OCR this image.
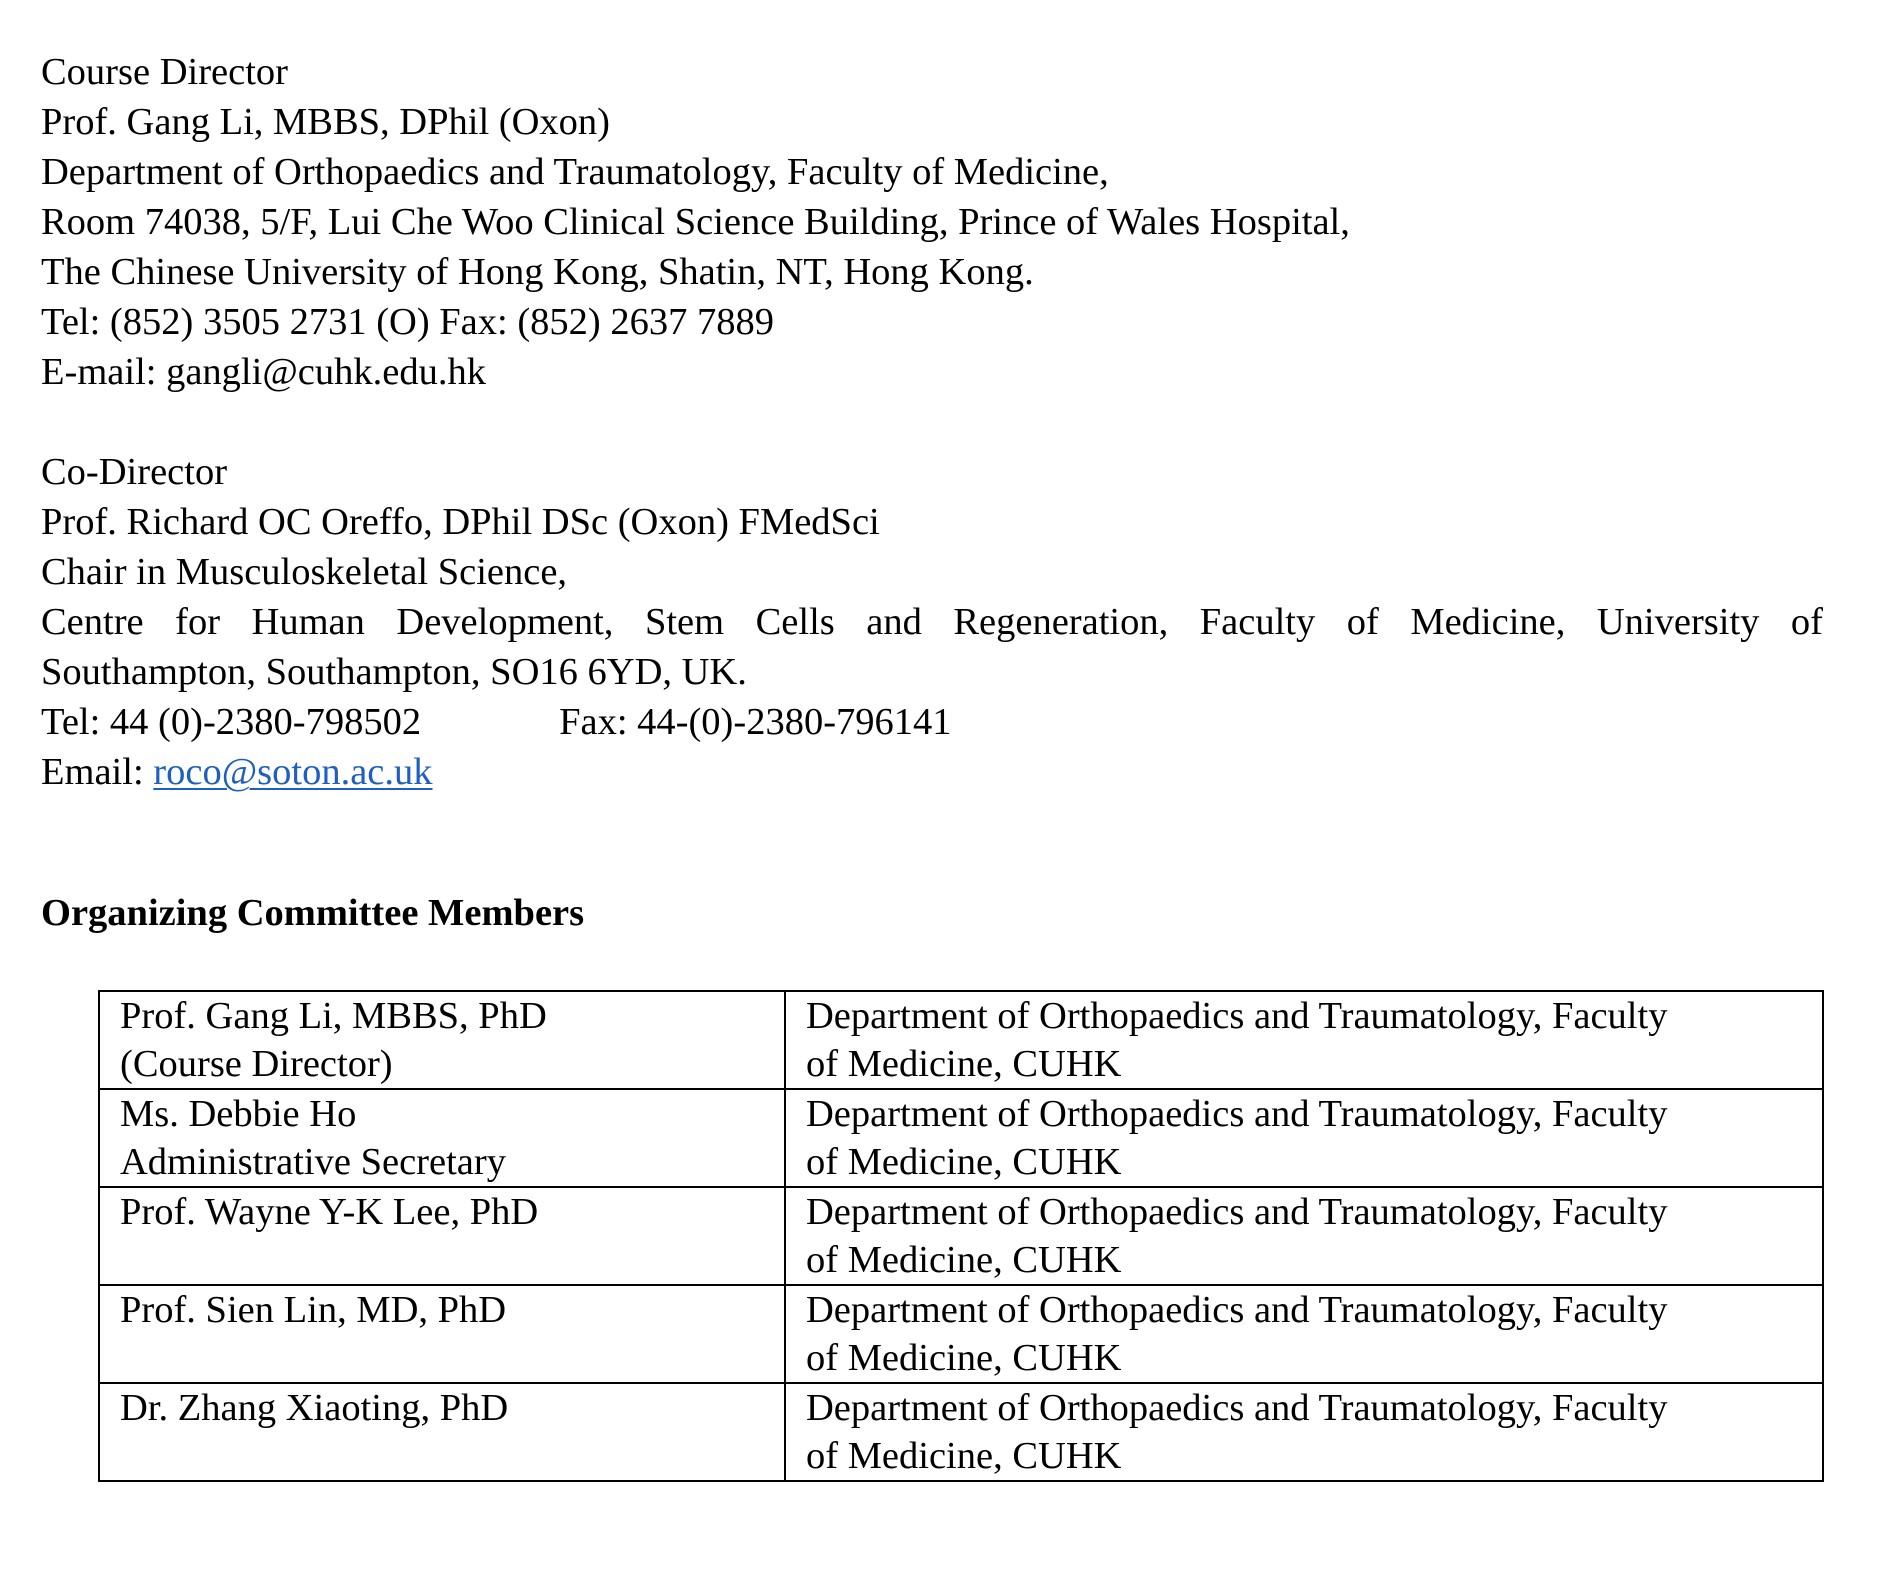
Course Director
Prof. Gang Li, MBBS, DPhil (Oxon)
Department of Orthopaedics and Traumatology, Faculty of Medicine,
Room 74038, 5/F, Lui Che Woo Clinical Science Building, Prince of Wales Hospital,
The Chinese University of Hong Kong, Shatin, NT, Hong Kong.
Tel: (852) 3505 2731 (O) Fax: (852) 2637 7889
E-mail: gangli@cuhk.edu.hk
Co-Director
Prof. Richard OC Oreffo, DPhil DSc (Oxon) FMedSci
Chair in Musculoskeletal Science,
Centre for Human Development, Stem Cells and Regeneration, Faculty of Medicine, University of
Southampton, Southampton, SO16 6YD, UK.
Tel: 44 (0)-2380-798502	Fax: 44-(0)-2380-796141
Email: roco@soton.ac.uk
Organizing Committee Members
Prof. Gang Li, MBBS, PhD
(Course Director)	Department of Orthopaedics and Traumatology, Faculty
of Medicine, CUHK

Ms. Debbie Ho
Administrative Secretary	Department of Orthopaedics and Traumatology, Faculty
of Medicine, CUHK

Prof. Wayne Y-K Lee, PhD	Department of Orthopaedics and Traumatology, Faculty
of Medicine, CUHK

Prof. Sien Lin, MD, PhD	Department of Orthopaedics and Traumatology, Faculty
of Medicine, CUHK

Dr. Zhang Xiaoting, PhD	Department of Orthopaedics and Traumatology, Faculty
of Medicine, CUHK
